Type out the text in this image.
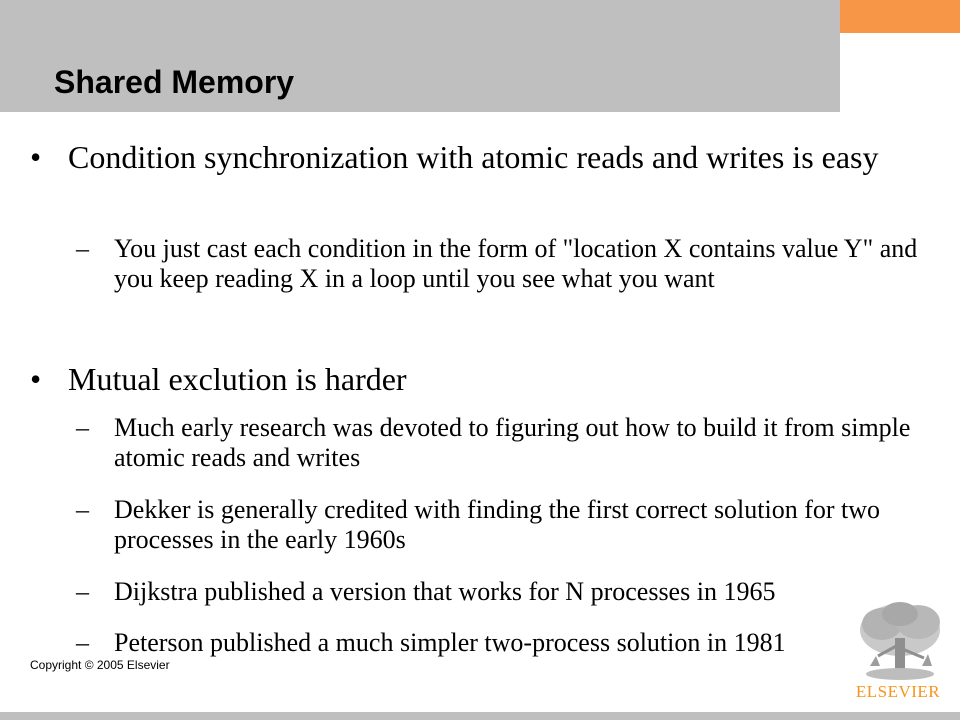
Shared Memory
• Condition synchronization with atomic reads and writes is easy
– You just cast each condition in the form of "location X contains value Y" and you keep reading X in a loop until you see what you want
• Mutual exclution is harder
– Much early research was devoted to figuring out how to build it from simple atomic reads and writes
– Dekker is generally credited with finding the first correct solution for two processes in the early 1960s
– Dijkstra published a version that works for N processes in 1965
– Peterson published a much simpler two-process solution in 1981
Copyright © 2005 Elsevier
ELSEVIER
